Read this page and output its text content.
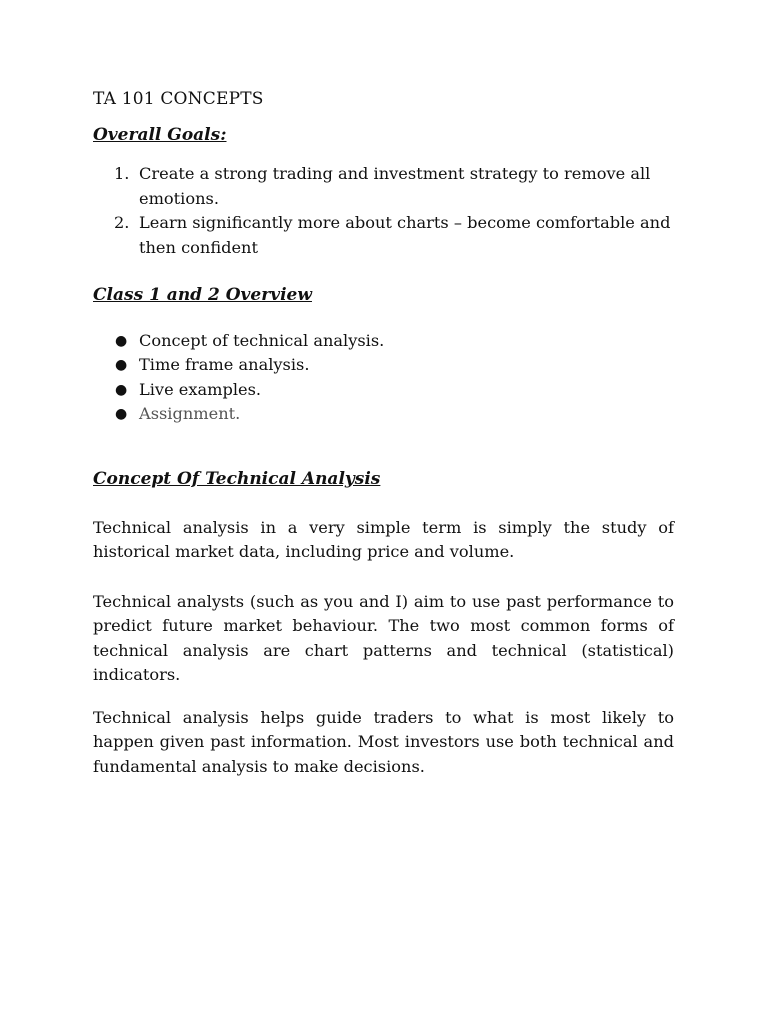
TA 101 CONCEPTS
Overall Goals:
1. Create a strong trading and investment strategy to remove all emotions.
2. Learn significantly more about charts – become comfortable and then confident
Class 1 and 2 Overview
● Concept of technical analysis.
● Time frame analysis.
● Live examples.
● Assignment.
Concept Of Technical Analysis

Technical analysis in a very simple term is simply the study of historical market data, including price and volume.

Technical analysts (such as you and I) aim to use past performance to predict future market behaviour. The two most common forms of technical analysis are chart patterns and technical (statistical) indicators.

Technical analysis helps guide traders to what is most likely to happen given past information. Most investors use both technical and fundamental analysis to make decisions.
